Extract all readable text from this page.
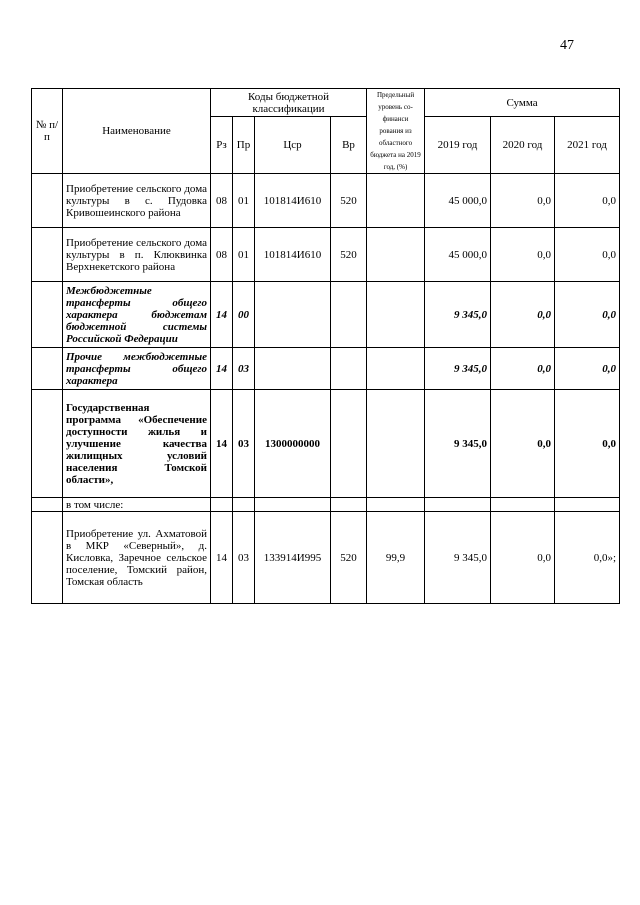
47
№ п/п	Наименование	Коды бюджетной классификации				Предельный уровень со- финанси рования из областного бюджета на 2019 год, (%)	Сумма		
		Рз	Пр	Цср	Вр		2019 год	2020 год	2021 год
	Приобретение сельского дома культуры в с. Пудовка Кривошеинского района	08	01	101814И610	520		45 000,0	0,0	0,0
	Приобретение сельского дома культуры в п. Клюквинка Верхнекетского района	08	01	101814И610	520		45 000,0	0,0	0,0
	Межбюджетные трансферты общего характера бюджетам бюджетной системы Российской Федерации	14	00				9 345,0	0,0	0,0
	Прочие межбюджетные трансферты общего характера	14	03				9 345,0	0,0	0,0
	Государственная программа «Обеспечение доступности жилья и улучшение качества жилищных условий населения Томской области»,	14	03	1300000000			9 345,0	0,0	0,0
	в том числе:								
	Приобретение ул. Ахматовой в МКР «Северный», д. Кисловка, Заречное сельское поселение, Томский район, Томская область	14	03	133914И995	520	99,9	9 345,0	0,0	0,0»;
